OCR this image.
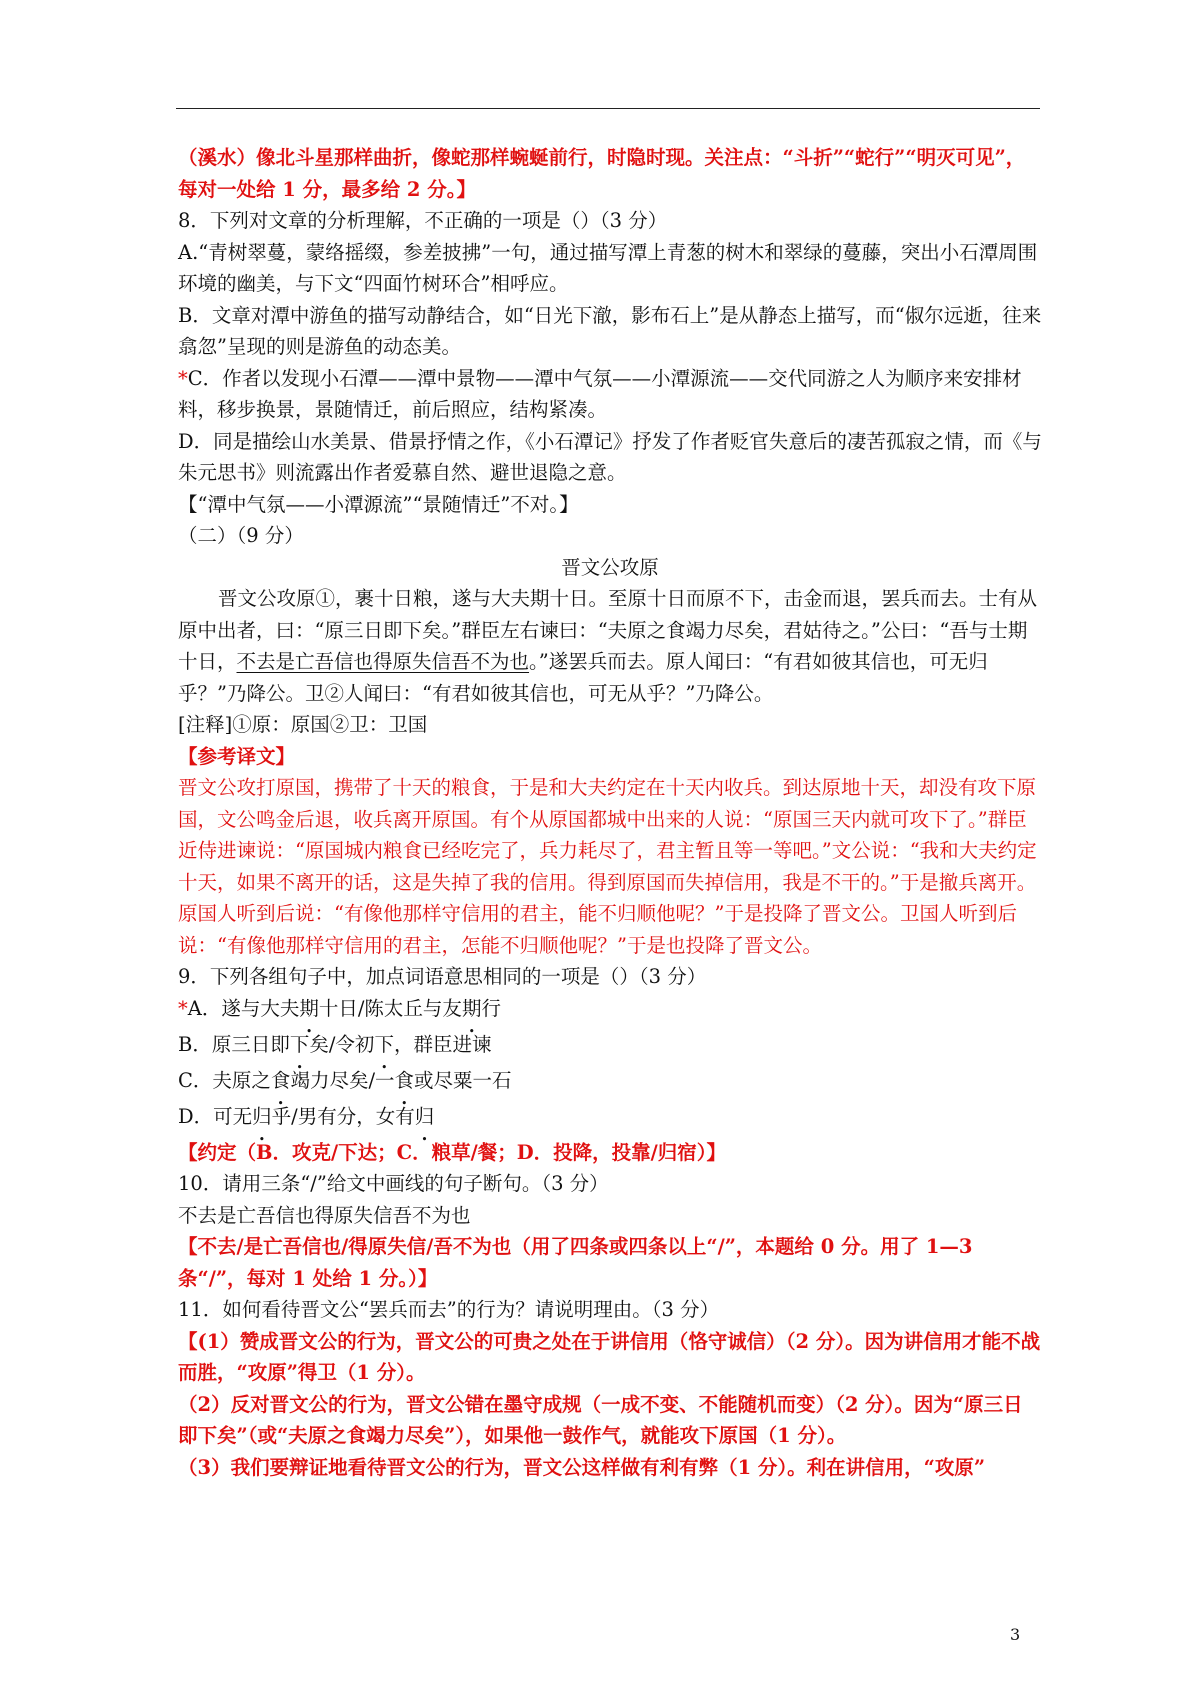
（溪水）像北斗星那样曲折，像蛇那样蜿蜒前行，时隐时现。关注点：“斗折”“蛇行”“明灭可见”，每对一处给 1 分，最多给 2 分。】

8．下列对文章的分析理解，不正确的一项是（）（3 分）

A.“青树翠蔓，蒙络摇缀，参差披拂”一句，通过描写潭上青葱的树木和翠绿的蔓藤，突出小石潭周围环境的幽美，与下文“四面竹树环合”相呼应。

B．文章对潭中游鱼的描写动静结合，如“日光下澈，影布石上”是从静态上描写，而“俶尔远逝，往来翕忽”呈现的则是游鱼的动态美。

*C．作者以发现小石潭——潭中景物——潭中气氛——小潭源流——交代同游之人为顺序来安排材料，移步换景，景随情迁，前后照应，结构紧凑。

D．同是描绘山水美景、借景抒情之作，《小石潭记》抒发了作者贬官失意后的凄苦孤寂之情，而《与朱元思书》则流露出作者爱慕自然、避世退隐之意。

【“潭中气氛——小潭源流”“景随情迁”不对。】

（二）（9 分）

晋文公攻原

晋文公攻原①，裹十日粮，遂与大夫期十日。至原十日而原不下，击金而退，罢兵而去。士有从原中出者，曰：“原三日即下矣。”群臣左右谏曰：“夫原之食竭力尽矣，君姑待之。”公曰：“吾与士期十日，不去是亡吾信也得原失信吾不为也。”遂罢兵而去。原人闻曰：“有君如彼其信也，可无归乎？”乃降公。卫②人闻曰：“有君如彼其信也，可无从乎？”乃降公。

[注释]①原：原国②卫：卫国

【参考译文】

晋文公攻打原国，携带了十天的粮食，于是和大夫约定在十天内收兵。到达原地十天，却没有攻下原国，文公鸣金后退，收兵离开原国。有个从原国都城中出来的人说：“原国三天内就可攻下了。”群臣近侍进谏说：“原国城内粮食已经吃完了，兵力耗尽了，君主暂且等一等吧。”文公说：“我和大夫约定十天，如果不离开的话，这是失掉了我的信用。得到原国而失掉信用，我是不干的。”于是撤兵离开。原国人听到后说：“有像他那样守信用的君主，能不归顺他呢？”于是投降了晋文公。卫国人听到后说：“有像他那样守信用的君主，怎能不归顺他呢？”于是也投降了晋文公。

9．下列各组句子中，加点词语意思相同的一项是（）（3 分）

*A．遂与大夫期十日/陈太丘与友期行

B．原三日即下矣/令初下，群臣进谏

C．夫原之食竭力尽矣/一食或尽粟一石

D．可无归乎/男有分，女有归

【约定（B．攻克/下达；C．粮草/餐；D．投降，投靠/归宿）】

10．请用三条“/”给文中画线的句子断句。（3 分）

不去是亡吾信也得原失信吾不为也

【不去/是亡吾信也/得原失信/吾不为也（用了四条或四条以上“/”，本题给 0 分。用了 1—3 条“/”，每对 1 处给 1 分。）】

11．如何看待晋文公“罢兵而去”的行为？请说明理由。（3 分）

【(1）赞成晋文公的行为，晋文公的可贵之处在于讲信用（恪守诚信）（2 分）。因为讲信用才能不战而胜，“攻原”得卫（1 分）。

（2）反对晋文公的行为，晋文公错在墨守成规（一成不变、不能随机而变）（2 分）。因为“原三日即下矣”（或“夫原之食竭力尽矣”），如果他一鼓作气，就能攻下原国（1 分）。

（3）我们要辩证地看待晋文公的行为，晋文公这样做有利有弊（1 分）。利在讲信用，“攻原”

3
